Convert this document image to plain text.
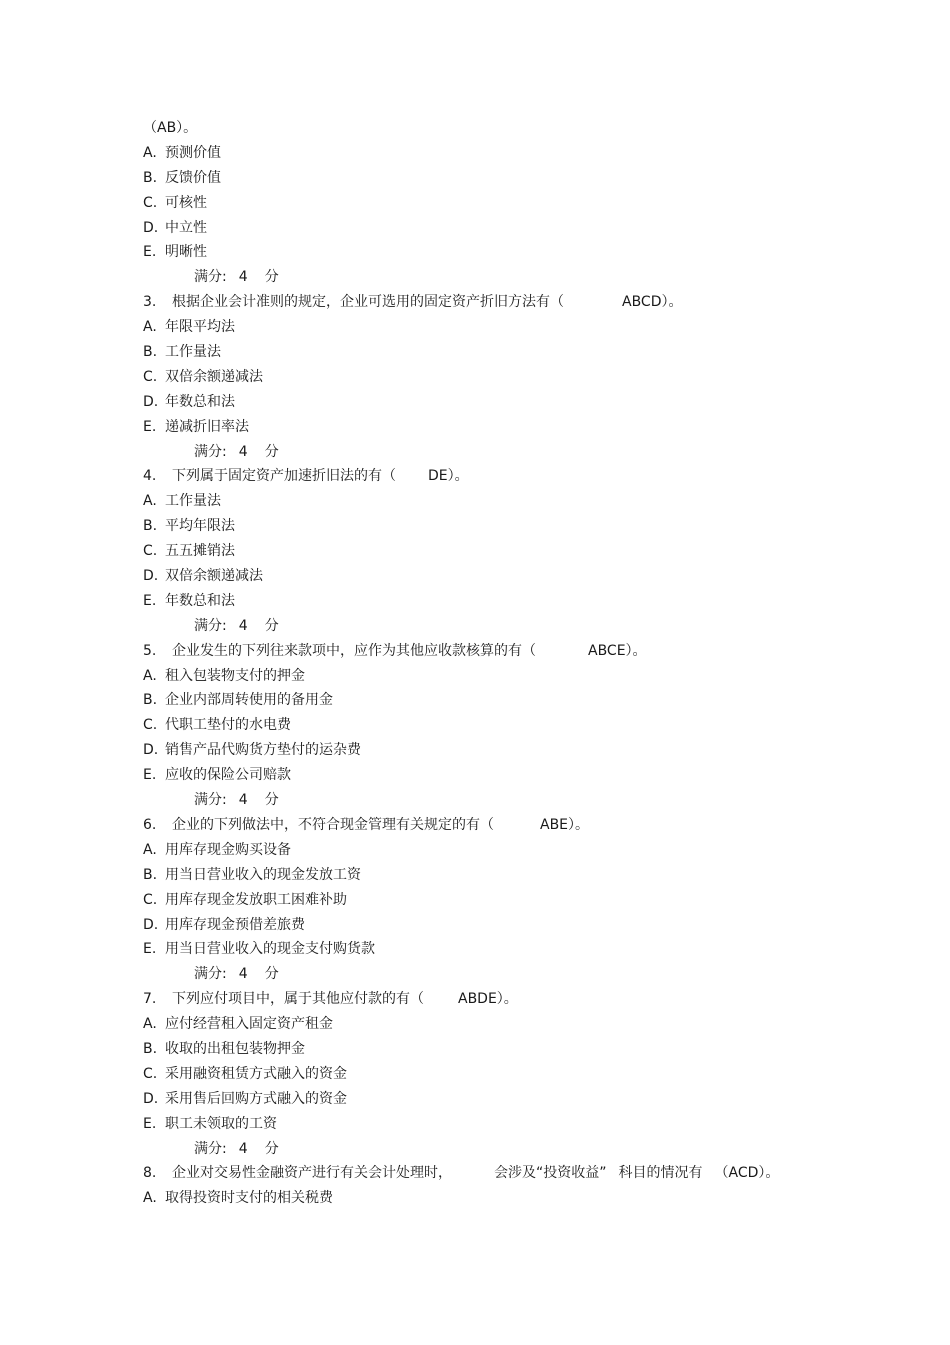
（AB）。
A. 预测价值
B. 反馈价值
C. 可核性
D. 中立性
E. 明晰性
满分: 4 分
3. 根据企业会计准则的规定，企业可选用的固定资产折旧方法有（	ABCD）。
A. 年限平均法
B. 工作量法
C. 双倍余额递减法
D. 年数总和法
E. 递减折旧率法
满分: 4 分
4. 下列属于固定资产加速折旧法的有（ DE）。
A. 工作量法
B. 平均年限法
C. 五五摊销法
D. 双倍余额递减法
E. 年数总和法
满分: 4 分
5. 企业发生的下列往来款项中，应作为其他应收款核算的有（	ABCE）。
A. 租入包装物支付的押金
B. 企业内部周转使用的备用金
C. 代职工垫付的水电费
D. 销售产品代购货方垫付的运杂费
E. 应收的保险公司赔款
满分: 4 分
6. 企业的下列做法中，不符合现金管理有关规定的有（	ABE）。
A. 用库存现金购买设备
B. 用当日营业收入的现金发放工资
C. 用库存现金发放职工困难补助
D. 用库存现金预借差旅费
E. 用当日营业收入的现金支付购货款
满分: 4 分
7. 下列应付项目中，属于其他应付款的有（ ABDE）。
A. 应付经营租入固定资产租金
B. 收取的出租包装物押金
C. 采用融资租赁方式融入的资金
D. 采用售后回购方式融入的资金
E. 职工未领取的工资
满分: 4 分
8. 企业对交易性金融资产进行有关会计处理时，	会涉及“投资收益” 科目的情况有 （ACD）。
A. 取得投资时支付的相关税费
